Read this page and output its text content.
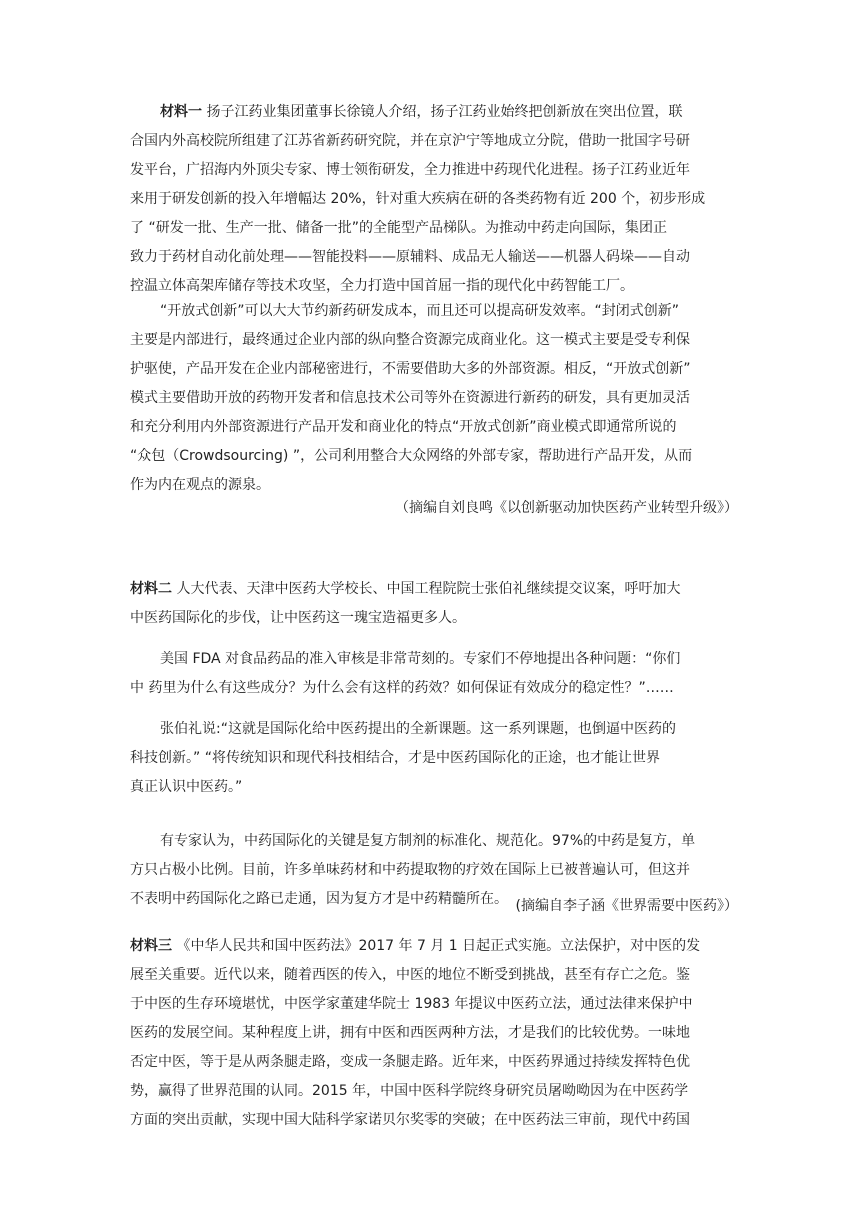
材料一 扬子江药业集团董事长徐镜人介绍，扬子江药业始终把创新放在突出位置，联
合国内外高校院所组建了江苏省新药研究院，并在京沪宁等地成立分院，借助一批国字号研
发平台，广招海内外顶尖专家、博士领衔研发，全力推进中药现代化进程。扬子江药业近年
来用于研发创新的投入年增幅达 20%，针对重大疾病在研的各类药物有近 200 个，初步形成
了 “研发一批、生产一批、储备一批”的全能型产品梯队。为推动中药走向国际，集团正
致力于药材自动化前处理——智能投料——原辅料、成品无人输送——机器人码垛——自动
控温立体高架库储存等技术攻坚，全力打造中国首屈一指的现代化中药智能工厂。
“开放式创新”可以大大节约新药研发成本，而且还可以提高研发效率。“封闭式创新”
主要是内部进行，最终通过企业内部的纵向整合资源完成商业化。这一模式主要是受专利保
护驱使，产品开发在企业内部秘密进行，不需要借助大多的外部资源。相反，“开放式创新”
模式主要借助开放的药物开发者和信息技术公司等外在资源进行新药的研发，具有更加灵活
和充分利用内外部资源进行产品开发和商业化的特点“开放式创新”商业模式即通常所说的
“众包（Crowdsourcing) ”，公司利用整合大众网络的外部专家，帮助进行产品开发，从而
作为内在观点的源泉。
（摘编自刘良鸣《以创新驱动加快医药产业转型升级》）
材料二 人大代表、天津中医药大学校长、中国工程院院士张伯礼继续提交议案，呼吁加大
中医药国际化的步伐，让中医药这一瑰宝造福更多人。
美国 FDA 对食品药品的准入审核是非常苛刻的。专家们不停地提出各种问题：“你们
中 药里为什么有这些成分？为什么会有这样的药效？如何保证有效成分的稳定性？”……
张伯礼说:“这就是国际化给中医药提出的全新课题。这一系列课题，也倒逼中医药的
科技创新。” “将传统知识和现代科技相结合，才是中医药国际化的正途，也才能让世界
真正认识中医药。”
有专家认为，中药国际化的关键是复方制剂的标准化、规范化。97%的中药是复方，单
方只占极小比例。目前，许多单味药材和中药提取物的疗效在国际上已被普遍认可，但这并
不表明中药国际化之路已走通，因为复方才是中药精髓所在。 (摘编自李子涵《世界需要中医药》）
材料三 《中华人民共和国中医药法》2017 年 7 月 1 日起正式实施。立法保护，对中医的发
展至关重要。近代以来，随着西医的传入，中医的地位不断受到挑战，甚至有存亡之危。鉴
于中医的生存环境堪忧，中医学家董建华院士 1983 年提议中医药立法，通过法律来保护中
医药的发展空间。某种程度上讲，拥有中医和西医两种方法，才是我们的比较优势。一味地
否定中医，等于是从两条腿走路，变成一条腿走路。近年来，中医药界通过持续发挥特色优
势，赢得了世界范围的认同。2015 年，中国中医科学院终身研究员屠呦呦因为在中医药学
方面的突出贡献，实现中国大陆科学家诺贝尔奖零的突破；在中医药法三审前，现代中药国
